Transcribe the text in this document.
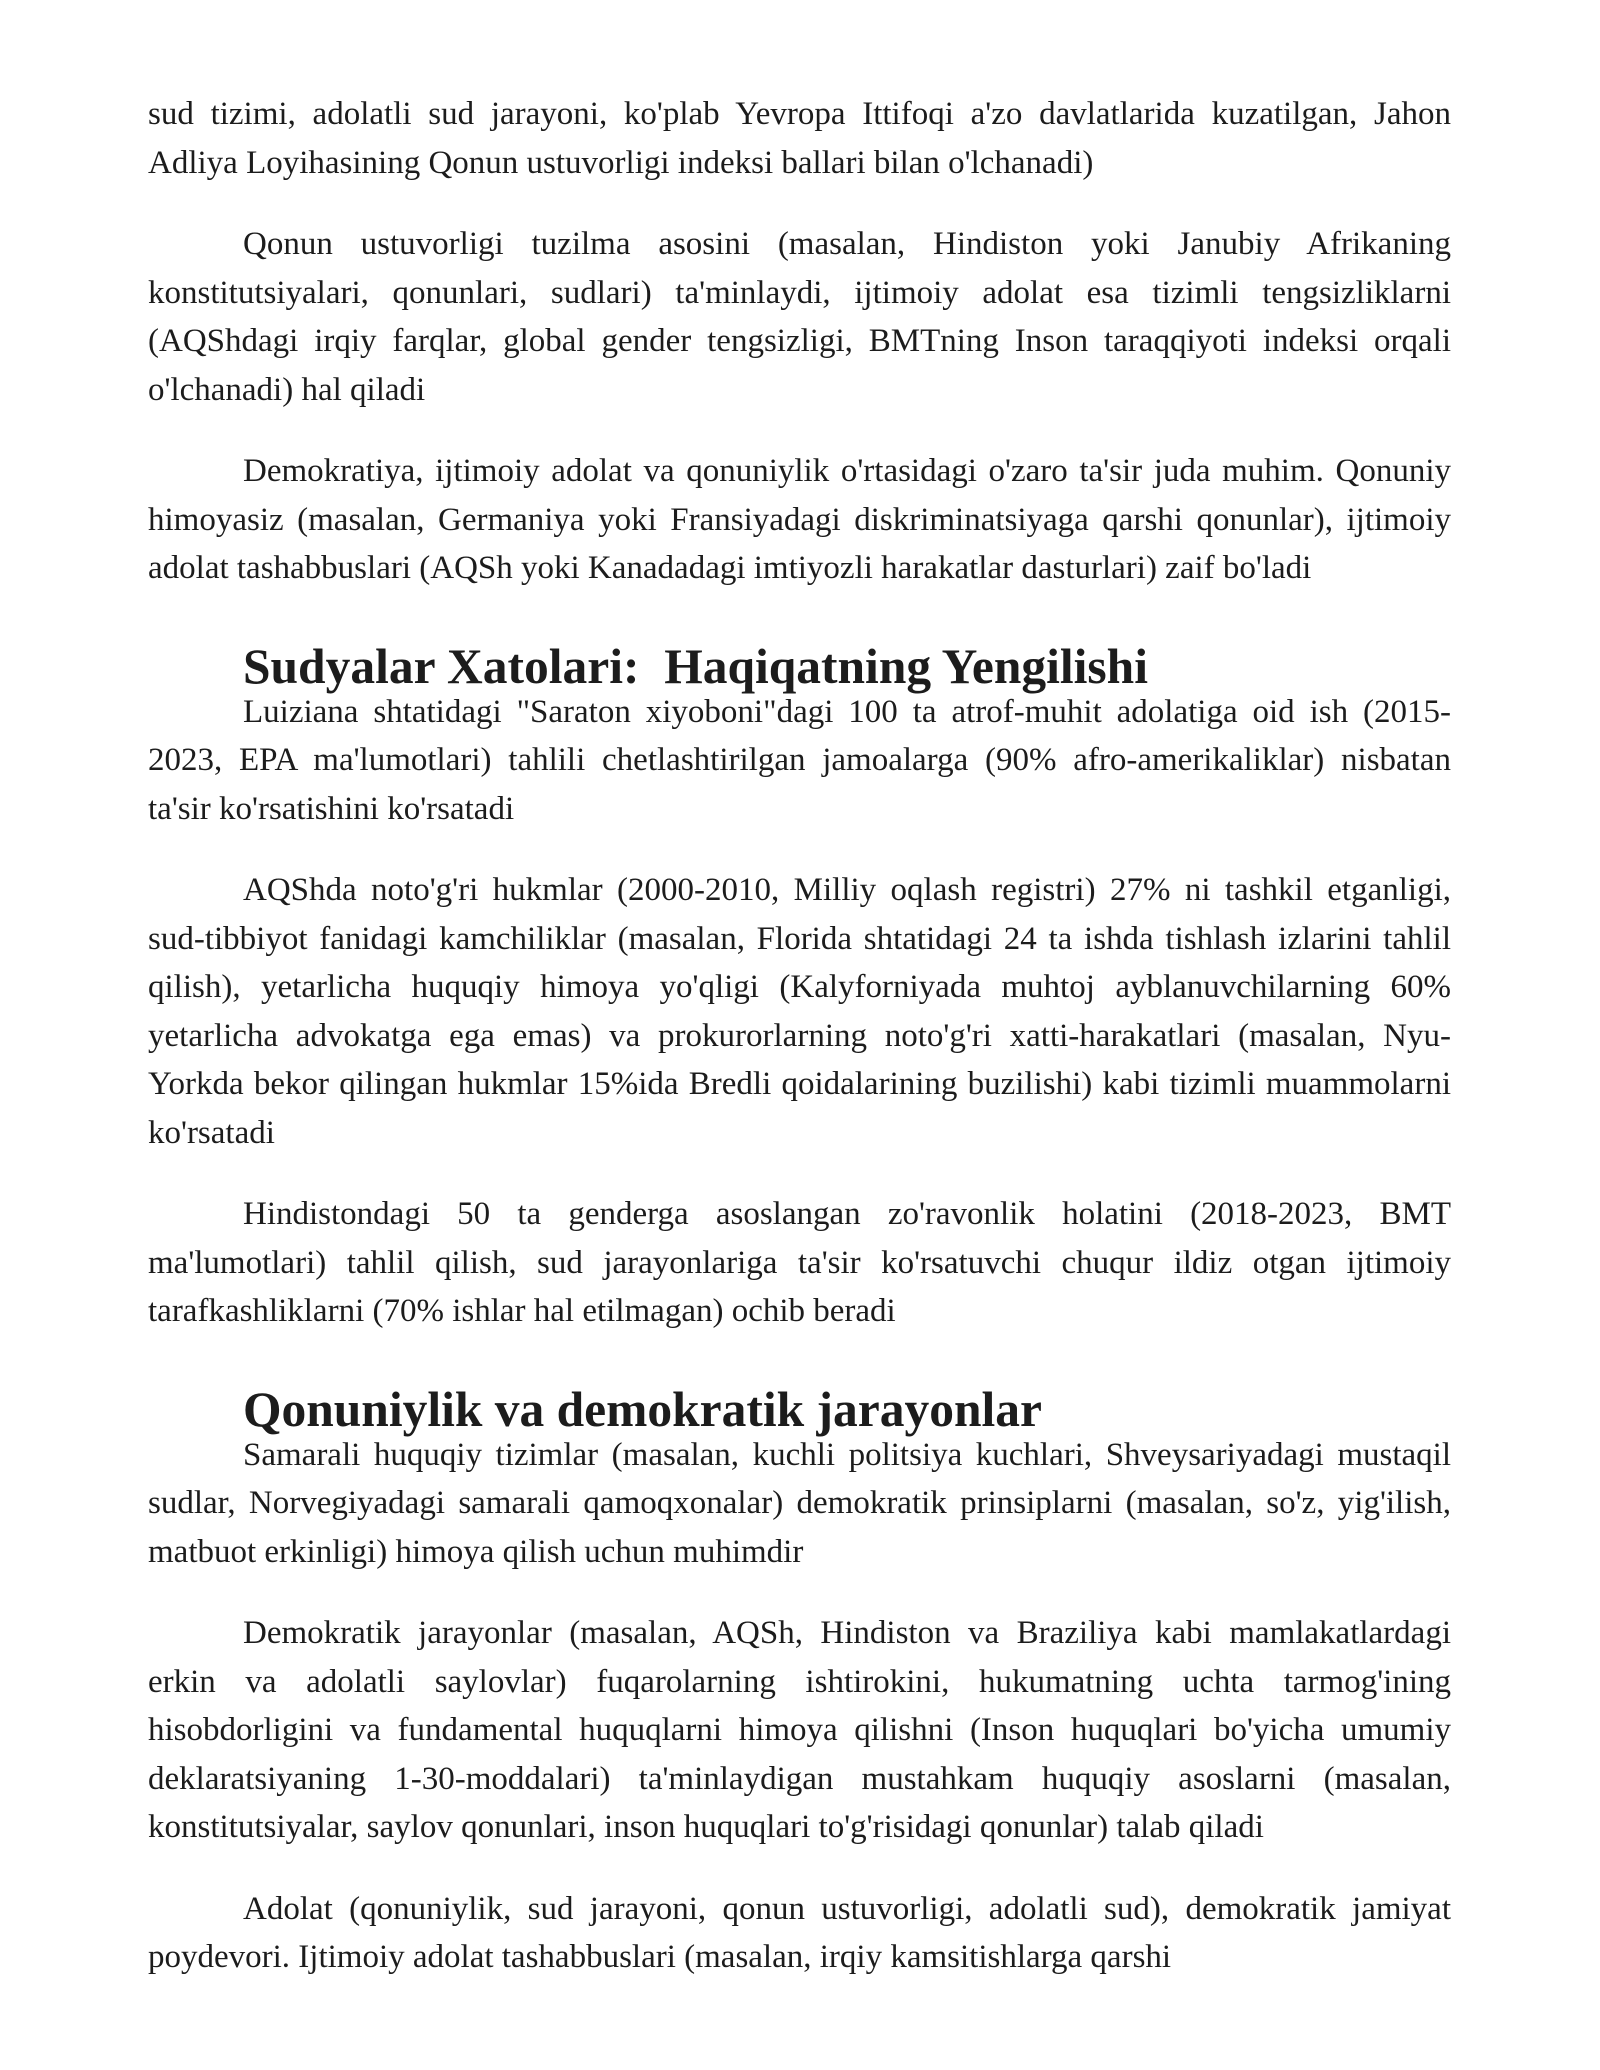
sud tizimi, adolatli sud jarayoni, ko'plab Yevropa Ittifoqi a'zo davlatlarida kuzatilgan, Jahon Adliya Loyihasining Qonun ustuvorligi indeksi ballari bilan o'lchanadi)

Qonun ustuvorligi tuzilma asosini (masalan, Hindiston yoki Janubiy Afrikaning konstitutsiyalari, qonunlari, sudlari) ta'minlaydi, ijtimoiy adolat esa tizimli tengsizliklarni (AQShdagi irqiy farqlar, global gender tengsizligi, BMTning Inson taraqqiyoti indeksi orqali o'lchanadi) hal qiladi

Demokratiya, ijtimoiy adolat va qonuniylik o'rtasidagi o'zaro ta'sir juda muhim. Qonuniy himoyasiz (masalan, Germaniya yoki Fransiyadagi diskriminatsiyaga qarshi qonunlar), ijtimoiy adolat tashabbuslari (AQSh yoki Kanadadagi imtiyozli harakatlar dasturlari) zaif bo'ladi

Sudyalar Xatolari:  Haqiqatning Yengilishi

Luiziana shtatidagi "Saraton xiyoboni"dagi 100 ta atrof-muhit adolatiga oid ish (2015-2023, EPA ma'lumotlari) tahlili chetlashtirilgan jamoalarga (90% afro-amerikaliklar) nisbatan ta'sir ko'rsatishini ko'rsatadi

AQShda noto'g'ri hukmlar (2000-2010, Milliy oqlash registri) 27% ni tashkil etganligi, sud-tibbiyot fanidagi kamchiliklar (masalan, Florida shtatidagi 24 ta ishda tishlash izlarini tahlil qilish), yetarlicha huquqiy himoya yo'qligi (Kalyforniyada muhtoj ayblanuvchilarning 60% yetarlicha advokatga ega emas) va prokurorlarning noto'g'ri xatti-harakatlari (masalan, Nyu-Yorkda bekor qilingan hukmlar 15%ida Bredli qoidalarining buzilishi) kabi tizimli muammolarni ko'rsatadi

Hindistondagi 50 ta genderga asoslangan zo'ravonlik holatini (2018-2023, BMT ma'lumotlari) tahlil qilish, sud jarayonlariga ta'sir ko'rsatuvchi chuqur ildiz otgan ijtimoiy tarafkashliklarni (70% ishlar hal etilmagan) ochib beradi

Qonuniylik va demokratik jarayonlar

Samarali huquqiy tizimlar (masalan, kuchli politsiya kuchlari, Shveysariyadagi mustaqil sudlar, Norvegiyadagi samarali qamoqxonalar) demokratik prinsiplarni (masalan, so'z, yig'ilish, matbuot erkinligi) himoya qilish uchun muhimdir

Demokratik jarayonlar (masalan, AQSh, Hindiston va Braziliya kabi mamlakatlardagi erkin va adolatli saylovlar) fuqarolarning ishtirokini, hukumatning uchta tarmog'ining hisobdorligini va fundamental huquqlarni himoya qilishni (Inson huquqlari bo'yicha umumiy deklaratsiyaning 1-30-moddalari) ta'minlaydigan mustahkam huquqiy asoslarni (masalan, konstitutsiyalar, saylov qonunlari, inson huquqlari to'g'risidagi qonunlar) talab qiladi

Adolat (qonuniylik, sud jarayoni, qonun ustuvorligi, adolatli sud), demokratik jamiyat poydevori. Ijtimoiy adolat tashabbuslari (masalan, irqiy kamsitishlarga qarshi
